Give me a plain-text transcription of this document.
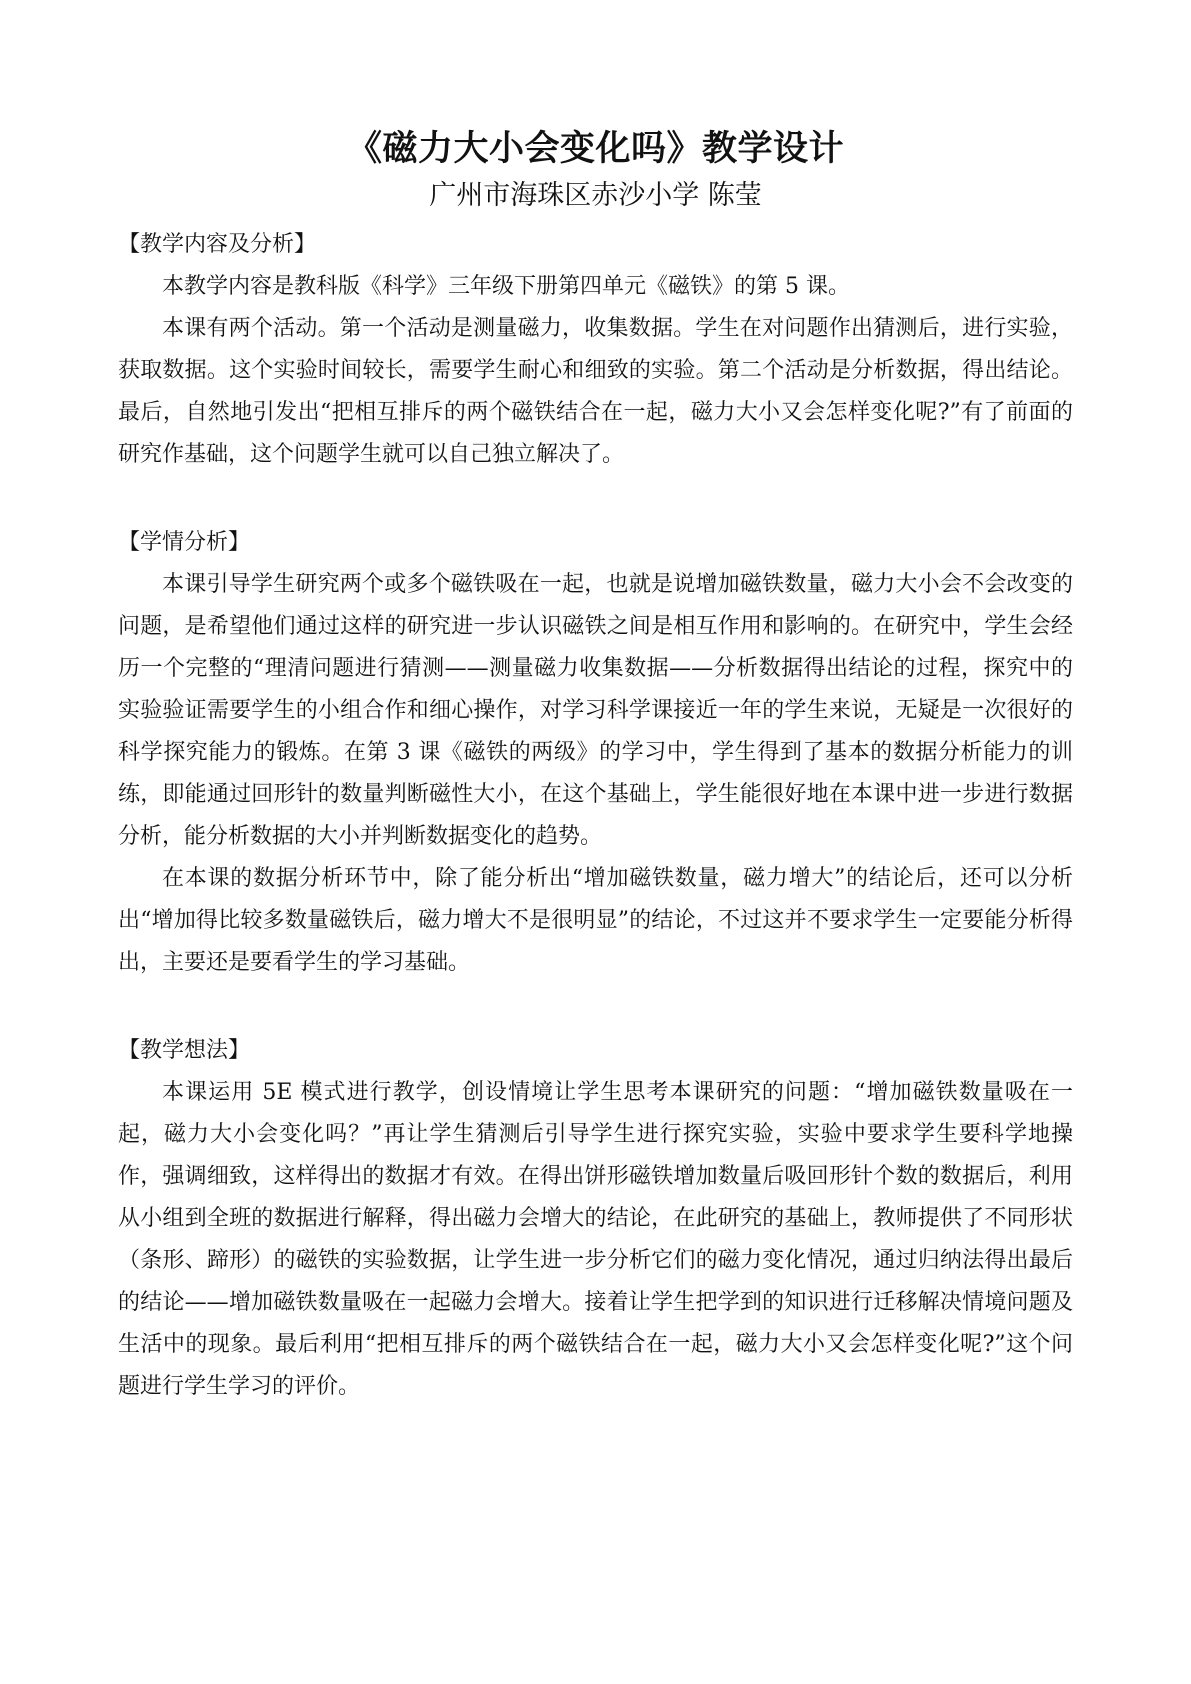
《磁力大小会变化吗》教学设计

广州市海珠区赤沙小学 陈莹

【教学内容及分析】

本教学内容是教科版《科学》三年级下册第四单元《磁铁》的第 5 课。

本课有两个活动。第一个活动是测量磁力，收集数据。学生在对问题作出猜测后，进行实验，获取数据。这个实验时间较长，需要学生耐心和细致的实验。第二个活动是分析数据，得出结论。最后，自然地引发出“把相互排斥的两个磁铁结合在一起，磁力大小又会怎样变化呢?”有了前面的研究作基础，这个问题学生就可以自己独立解决了。

【学情分析】

本课引导学生研究两个或多个磁铁吸在一起，也就是说增加磁铁数量，磁力大小会不会改变的问题，是希望他们通过这样的研究进一步认识磁铁之间是相互作用和影响的。在研究中，学生会经历一个完整的“理清问题进行猜测——测量磁力收集数据——分析数据得出结论的过程，探究中的实验验证需要学生的小组合作和细心操作，对学习科学课接近一年的学生来说，无疑是一次很好的科学探究能力的锻炼。在第 3 课《磁铁的两级》的学习中，学生得到了基本的数据分析能力的训练，即能通过回形针的数量判断磁性大小，在这个基础上，学生能很好地在本课中进一步进行数据分析，能分析数据的大小并判断数据变化的趋势。

在本课的数据分析环节中，除了能分析出“增加磁铁数量，磁力增大”的结论后，还可以分析出“增加得比较多数量磁铁后，磁力增大不是很明显”的结论，不过这并不要求学生一定要能分析得出，主要还是要看学生的学习基础。

【教学想法】

本课运用 5E 模式进行教学，创设情境让学生思考本课研究的问题：“增加磁铁数量吸在一起，磁力大小会变化吗？”再让学生猜测后引导学生进行探究实验，实验中要求学生要科学地操作，强调细致，这样得出的数据才有效。在得出饼形磁铁增加数量后吸回形针个数的数据后，利用从小组到全班的数据进行解释，得出磁力会增大的结论，在此研究的基础上，教师提供了不同形状（条形、蹄形）的磁铁的实验数据，让学生进一步分析它们的磁力变化情况，通过归纳法得出最后的结论——增加磁铁数量吸在一起磁力会增大。接着让学生把学到的知识进行迁移解决情境问题及生活中的现象。最后利用“把相互排斥的两个磁铁结合在一起，磁力大小又会怎样变化呢?”这个问题进行学生学习的评价。
